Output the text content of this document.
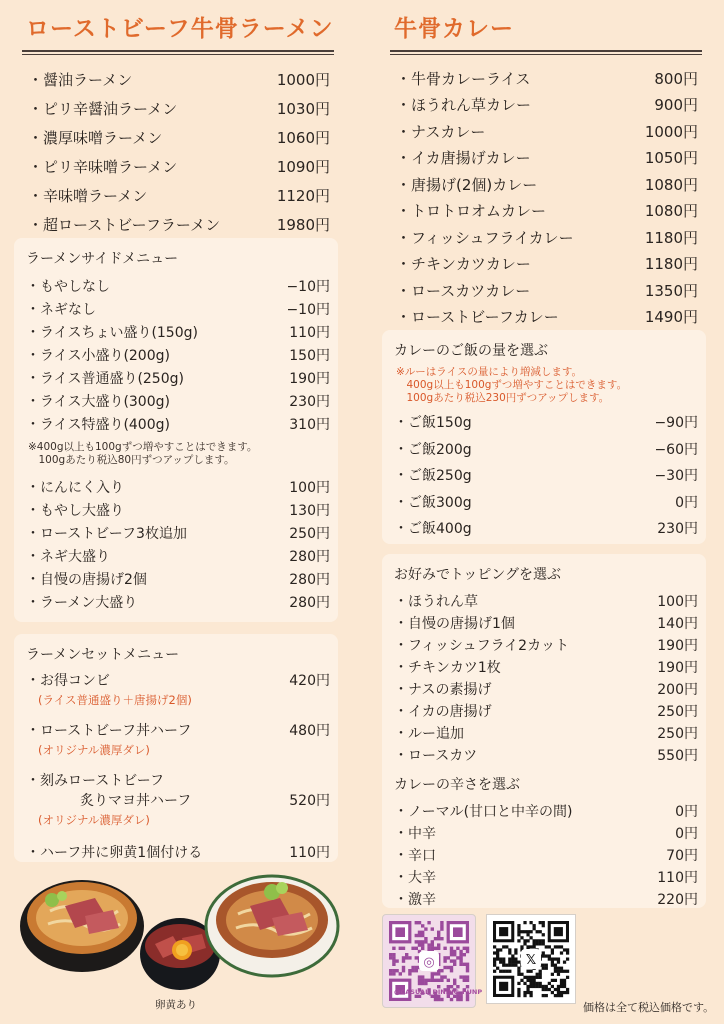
ローストビーフ牛骨ラーメン
・ 醤油ラーメン	1000円
・ ピリ辛醤油ラーメン	1030円
・ 濃厚味噌ラーメン	1060円
・ ピリ辛味噌ラーメン	1090円
・ 辛味噌ラーメン	1120円
・ 超ローストビーフラーメン	1980円
ラーメンサイドメニュー
・ もやしなし	−10円
・ ネギなし	−10円
・ ライスちょい盛り(150g)	110円
・ ライス小盛り(200g)	150円
・ ライス普通盛り(250g)	190円
・ ライス大盛り(300g)	230円
・ ライス特盛り(400g)	310円
※400g以上も100gずつ増やすことはできます。
　100gあたり税込80円ずつアップします。
・ にんにく入り	100円
・ もやし大盛り	130円
・ ローストビーフ3枚追加	250円
・ ネギ大盛り	280円
・ 自慢の唐揚げ2個	280円
・ ラーメン大盛り	280円
ラーメンセットメニュー
・ お得コンビ	420円
(ライス普通盛り＋唐揚げ2個)
・ ローストビーフ丼ハーフ	480円
(オリジナル濃厚ダレ)
・ 刻みローストビーフ
炙りマヨ丼ハーフ	520円
(オリジナル濃厚ダレ)
・ ハーフ丼に卵黄1個付ける	110円
卵黄あり
牛骨カレー
・ 牛骨カレーライス	800円
・ ほうれん草カレー	900円
・ ナスカレー	1000円
・ イカ唐揚げカレー	1050円
・ 唐揚げ(2個)カレー	1080円
・ トロトロオムカレー	1080円
・ フィッシュフライカレー	1180円
・ チキンカツカレー	1180円
・ ロースカツカレー	1350円
・ ローストビーフカレー	1490円
カレーのご飯の量を選ぶ
※ルーはライスの量により増減します。
　400g以上も100gずつ増やすことはできます。
　100gあたり税込230円ずつアップします。
・ ご飯150g	−90円
・ ご飯200g	−60円
・ ご飯250g	−30円
・ ご飯300g	0円
・ ご飯400g	230円
お好みでトッピングを選ぶ
・ ほうれん草	100円
・ 自慢の唐揚げ1個	140円
・ フィッシュフライ2カット	190円
・ チキンカツ1枚	190円
・ ナスの素揚げ	200円
・ イカの唐揚げ	250円
・ ルー追加	250円
・ ロースカツ	550円
カレーの辛さを選ぶ
・ ノーマル(甘口と中辛の間)	0円
・ 中辛	0円
・ 辛口	70円
・ 大辛	110円
・ 激辛	220円
◎
@CASUAL_DINING_FUNP
𝕏
価格は全て税込価格です。
